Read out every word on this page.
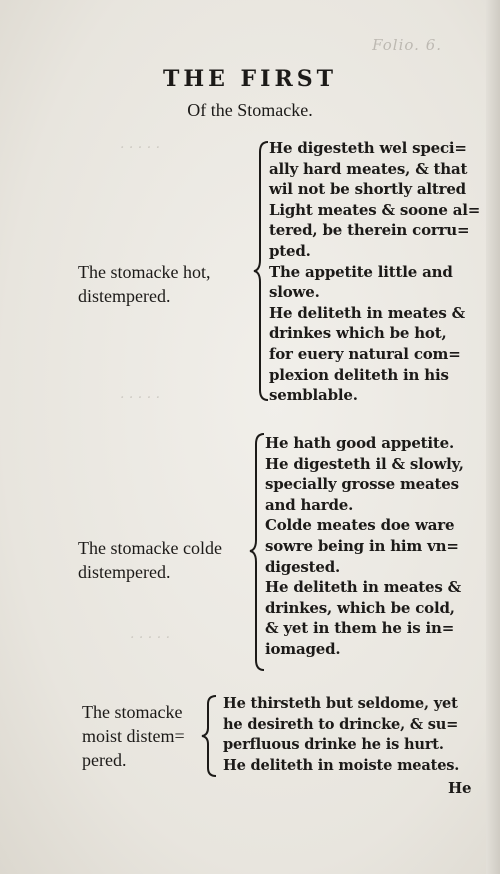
· · · · ·
· · · · ·
· · · · ·
Folio. 6.
THE FIRST
Of the Stomacke.
The stomacke hot,
distempered.
He digesteth wel speci=
ally hard meates, & that
wil not be shortly altred
Light meates & soone al=
tered, be therein corru=
pted.
The appetite little and
slowe.
He deliteth in meates &
drinkes which be hot,
for euery natural com=
plexion deliteth in his
semblable.
The stomacke colde
distempered.
He hath good appetite.
He digesteth il & slowly,
specially grosse meates
and harde.
Colde meates doe ware
sowre being in him vn=
digested.
He deliteth in meates &
drinkes, which be cold,
& yet in them he is in=
iomaged.
The stomacke
moist distem=
pered.
He thirsteth but seldome, yet
he desireth to drincke, & su=
perfluous drinke he is hurt.
He deliteth in moiste meates.
He
